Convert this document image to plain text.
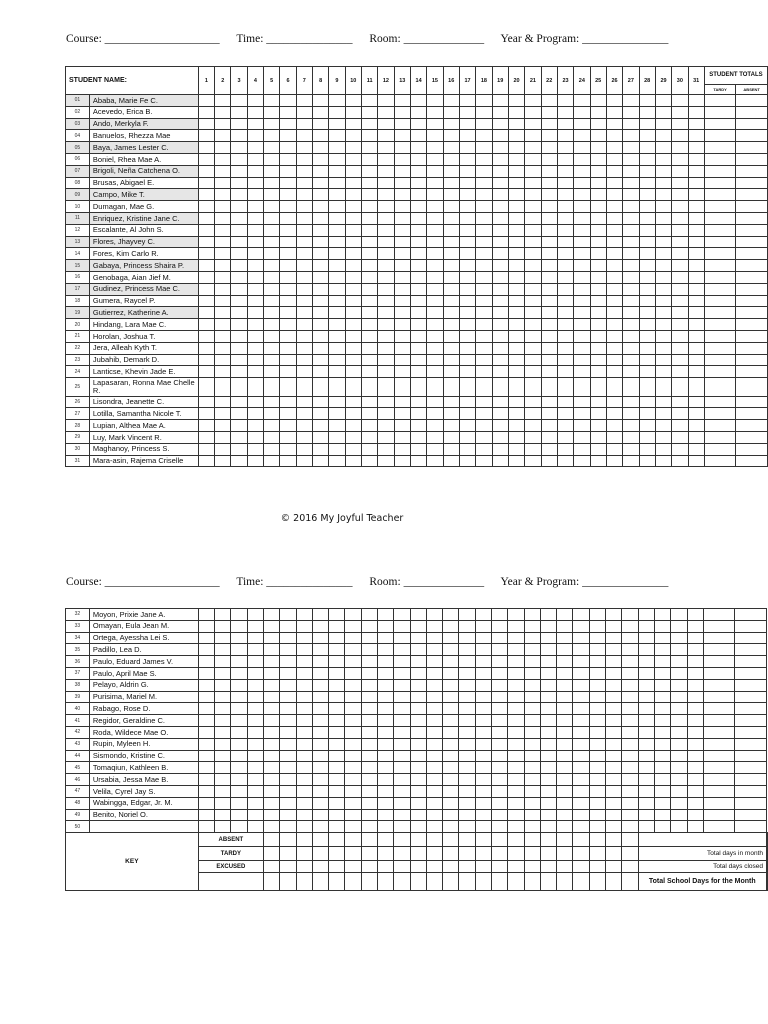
Course: ____________________ Time: _______________ Room: ______________ Year & Program: _______________
STUDENT NAME:		1	2	3	4	5	6	7	8	9	10	11	12	13	14	15	16	17	18	19	20	21	22	23	24	25	26	27	28	29	30	31	STUDENT TOTALS	
																																	TARDY	ABSENT
01	Ababa, Marie Fe C.																																	
02	Acevedo, Erica B.																																	
03	Ando, Merkyla F.																																	
04	Banuelos, Rhezza Mae																																	
05	Baya, James Lester C.																																	
06	Boniel, Rhea Mae A.																																	
07	Brigoli, Neña Catchena O.																																	
08	Brusas, Abigael E.																																	
09	Campo, Mike T.																																	
10	Dumagan, Mae G.																																	
11	Enriquez, Kristine Jane C.																																	
12	Escalante, Al John S.																																	
13	Flores, Jhayvey C.																																	
14	Fores, Kim Carlo R.																																	
15	Gabaya, Princess Shaira P.																																	
16	Genobaga, Aian Jief M.																																	
17	Gudinez, Princess Mae C.																																	
18	Gumera, Raycel P.																																	
19	Gutierrez, Katherine A.																																	
20	Hindang, Lara Mae C.																																	
21	Horolan, Joshua T.																																	
22	Jera, Alleah Kyth T.																																	
23	Jubahib, Demark D.																																	
24	Lanticse, Khevin Jade E.																																	
25	Lapasaran, Ronna Mae Chelle R.																																	
26	Lisondra, Jeanette C.																																	
27	Lotilla, Samantha Nicole T.																																	
28	Lupian, Althea Mae A.																																	
29	Luy, Mark Vincent R.																																	
30	Maghanoy, Princess S.																																	
31	Mara-asin, Rajema Criselle																																	
© 2016 My Joyful Teacher
Course: ____________________ Time: _______________ Room: ______________ Year & Program: _______________
32	Moyon, Prixie Jane A.																																		
33	Omayan, Eula Jean M.																																		
34	Ortega, Ayessha Lei S.																																		
35	Padillo, Lea D.																																		
36	Paulo, Eduard James V.																																		
37	Paulo, April Mae S.																																		
38	Pelayo, Aldrin G.																																		
39	Purisima, Mariel M.																																		
40	Rabago, Rose D.																																		
41	Regidor, Geraldine C.																																		
42	Roda, Wildece Mae O.																																		
43	Rupin, Myleen H.																																		
44	Sismondo, Kristine C.																																		
45	Tomaqiun, Kathleen B.																																		
46	Ursabia, Jessa Mae B.																																		
47	Velila, Cyrel Jay S.																																		
48	Wabingga, Edgar, Jr. M.																																		
49	Benito, Noriel O.																																		
50																																			
KEY		ABSENT																																	
		TARDY																											Total days in month						
		EXCUSED																											Total days closed						
																													Total School Days for the Month						
